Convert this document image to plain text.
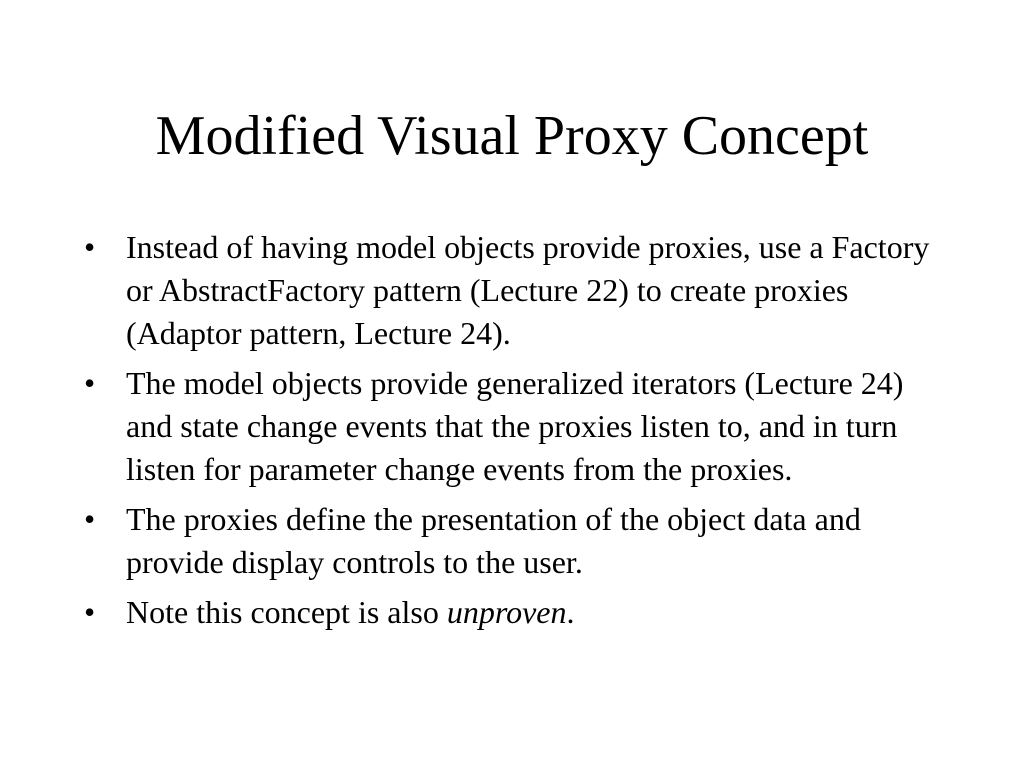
Modified Visual Proxy Concept
• Instead of having model objects provide proxies, use a Factory or AbstractFactory pattern (Lecture 22) to create proxies (Adaptor pattern, Lecture 24).
• The model objects provide generalized iterators (Lecture 24) and state change events that the proxies listen to, and in turn listen for parameter change events from the proxies.
• The proxies define the presentation of the object data and provide display controls to the user.
• Note this concept is also unproven.
